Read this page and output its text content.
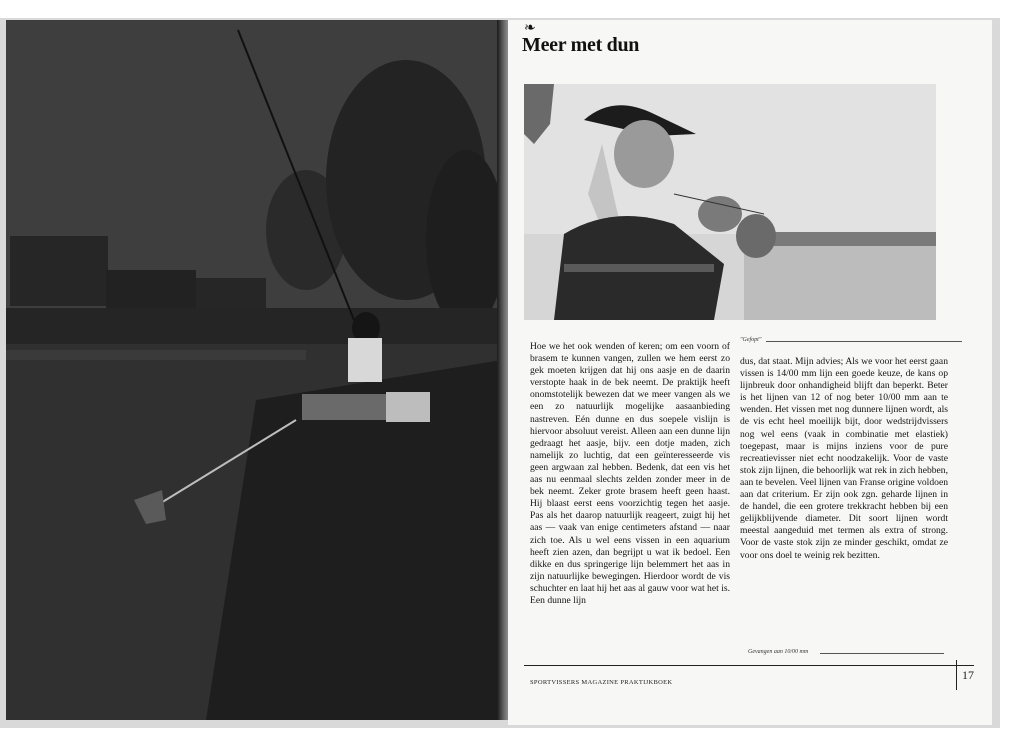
❧
Meer met dun
"Gefopt"

Hoe we het ook wenden of keren; om een voorn of brasem te kunnen vangen, zullen we hem eerst zo gek moeten krijgen dat hij ons aasje en de daarin verstopte haak in de bek neemt. De praktijk heeft onomstotelijk bewezen dat we meer vangen als we een zo natuurlijk mogelijke aasaanbieding nastreven. Eén dunne en dus soepele vislijn is hiervoor absoluut vereist. Alleen aan een dunne lijn gedraagt het aasje, bijv. een dotje maden, zich namelijk zo luchtig, dat een geïnteresseerde vis geen argwaan zal hebben. Bedenk, dat een vis het aas nu eenmaal slechts zelden zonder meer in de bek neemt. Zeker grote brasem heeft geen haast. Hij blaast eerst eens voorzichtig tegen het aasje. Pas als het daarop natuurlijk reageert, zuigt hij het aas — vaak van enige centimeters afstand — naar zich toe. Als u wel eens vissen in een aquarium heeft zien azen, dan begrijpt u wat ik bedoel. Een dikke en dus springerige lijn belemmert het aas in zijn natuurlijke bewegingen. Hierdoor wordt de vis schuchter en laat hij het aas al gauw voor wat het is. Een dunne lijn

dus, dat staat. Mijn advies; Als we voor het eerst gaan vissen is 14/00 mm lijn een goede keuze, de kans op lijnbreuk door onhandigheid blijft dan beperkt. Beter is het lijnen van 12 of nog beter 10/00 mm aan te wenden. Het vissen met nog dunnere lijnen wordt, als de vis echt heel moeilijk bijt, door wedstrijdvissers nog wel eens (vaak in combinatie met elastiek) toegepast, maar is mijns inziens voor de pure recreatievisser niet echt noodzakelijk. Voor de vaste stok zijn lijnen, die behoorlijk wat rek in zich hebben, aan te bevelen. Veel lijnen van Franse origine voldoen aan dat criterium. Er zijn ook zgn. geharde lijnen in de handel, die een grotere trekkracht hebben bij een gelijkblijvende diameter. Dit soort lijnen wordt meestal aangeduid met termen als extra of strong. Voor de vaste stok zijn ze minder geschikt, omdat ze voor ons doel te weinig rek bezitten.

Gevangen aan 10/00 mm
17
SPORTVISSERS MAGAZINE PRAKTIJKBOEK
